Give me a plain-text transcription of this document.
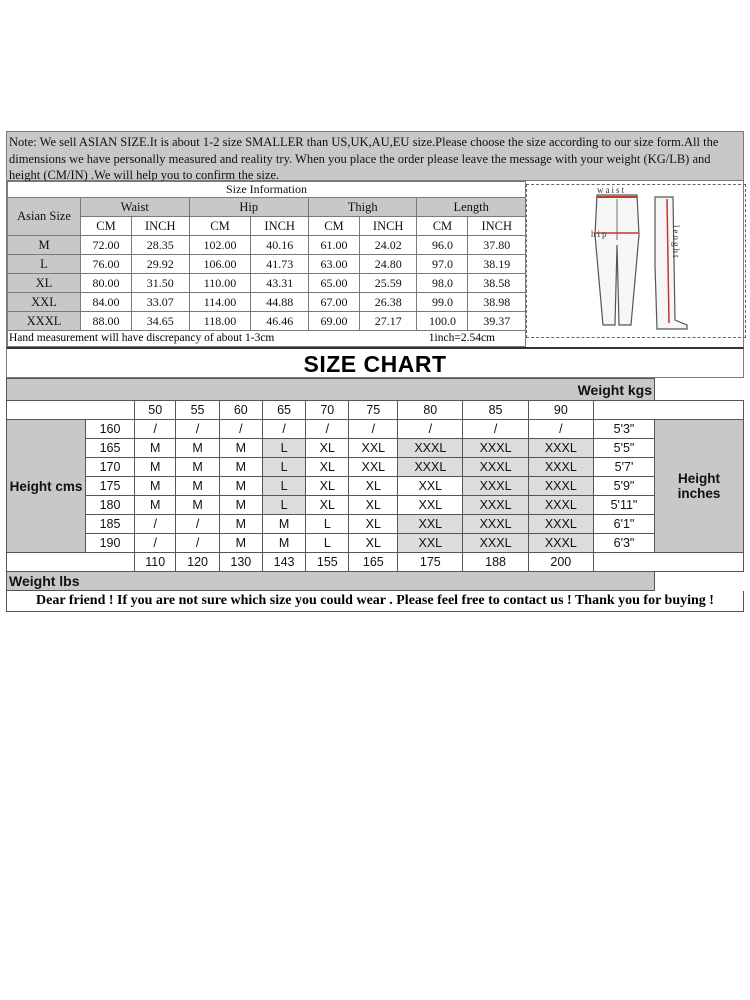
Note: We sell ASIAN SIZE.It is about 1-2 size SMALLER than US,UK,AU,EU size.Please choose the size according to our size form.All the dimensions we have personally measured and reality try. When you place the order please leave the message with your weight (KG/LB) and height (CM/IN) .We will help you to confirm the size.
Size Information								
Asian Size	Waist		Hip		Thigh		Length	
	CM	INCH	CM	INCH	CM	INCH	CM	INCH
M	72.00	28.35	102.00	40.16	61.00	24.02	96.0	37.80
L	76.00	29.92	106.00	41.73	63.00	24.80	97.0	38.19
XL	80.00	31.50	110.00	43.31	65.00	25.59	98.0	38.58
XXL	84.00	33.07	114.00	44.88	67.00	26.38	99.0	38.98
XXXL	88.00	34.65	118.00	46.46	69.00	27.17	100.0	39.37
Hand measurement will have discrepancy of about 1-3cm	1inch=2.54cm
waist
hip	lenght
SIZE CHART
Weight kgs												
		50	55	60	65	70	75	80	85	90		
Height cms	160	/	/	/	/	/	/	/	/	/	5'3"	Height inches
	165	M	M	M	L	XL	XXL	XXXL	XXXL	XXXL	5'5"	
	170	M	M	M	L	XL	XXL	XXXL	XXXL	XXXL	5'7'	
	175	M	M	M	L	XL	XL	XXL	XXXL	XXXL	5'9"	
	180	M	M	M	L	XL	XL	XXL	XXXL	XXXL	5'11"	
	185	/	/	M	M	L	XL	XXL	XXXL	XXXL	6'1"	
	190	/	/	M	M	L	XL	XXL	XXXL	XXXL	6'3"	
		110	120	130	143	155	165	175	188	200		
Weight lbs												
Dear friend ! If you are not sure which size you could wear . Please feel free to contact us ! Thank you for buying !
